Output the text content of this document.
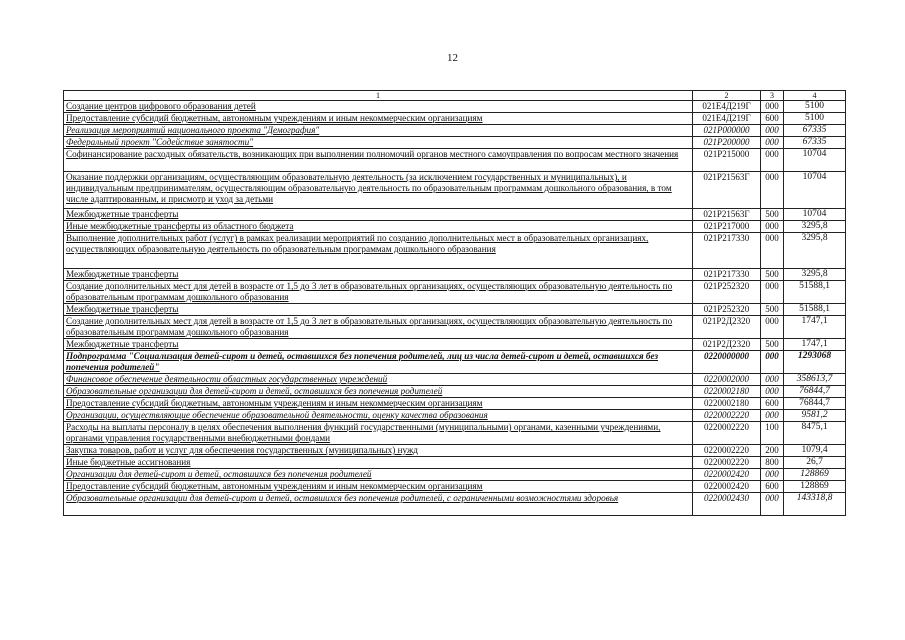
12
1	2	3	4
Создание центров цифрового образования детей	021Е4Д219Г	000	5100
Предоставление субсидий бюджетным, автономным учреждениям и иным некоммерческим организациям	021Е4Д219Г	600	5100
Реализация мероприятий национального проекта "Демография"	021Р000000	000	67335
Федеральный проект "Содействие занятости"	021Р200000	000	67335
Софинансирование расходных обязательств, возникающих при выполнении полномочий органов местного самоуправления по вопросам местного значения	021Р215000	000	10704
Оказание поддержки организациям, осуществляющим образовательную деятельность (за исключением государственных и муниципальных), и индивидуальным предпринимателям, осуществляющим образовательную деятельность по образовательным программам дошкольного образования, в том числе адаптированным, и присмотр и уход за детьми	021Р21563Г	000	10704
Межбюджетные трансферты	021Р21563Г	500	10704
Иные межбюджетные трансферты из областного бюджета	021Р217000	000	3295,8
Выполнение дополнительных работ (услуг) в рамках реализации мероприятий по созданию дополнительных мест в образовательных организациях, осуществляющих образовательную деятельность по образовательным программам дошкольного образования	021Р217330	000	3295,8
Межбюджетные трансферты	021Р217330	500	3295,8
Создание дополнительных мест для детей в возрасте от 1,5 до 3 лет в образовательных организациях, осуществляющих образовательную деятельность по образовательным программам дошкольного образования	021Р252320	000	51588,1
Межбюджетные трансферты	021Р252320	500	51588,1
Создание дополнительных мест для детей в возрасте от 1,5 до 3 лет в образовательных организациях, осуществляющих образовательную деятельность по образовательным программам дошкольного образования	021Р2Д2320	000	1747,1
Межбюджетные трансферты	021Р2Д2320	500	1747,1
Подпрограмма "Социализация детей-сирот и детей, оставшихся без попечения родителей, лиц из числа детей-сирот и детей, оставшихся без попечения родителей"	0220000000	000	1293068
Финансовое обеспечение деятельности областных государственных учреждений	0220002000	000	358613,7
Образовательные организации для детей-сирот и детей, оставшихся без попечения родителей	0220002180	000	76844,7
Предоставление субсидий бюджетным, автономным учреждениям и иным некоммерческим организациям	0220002180	600	76844,7
Организации, осуществляющие обеспечение образовательной деятельности, оценку качества образования	0220002220	000	9581,2
Расходы на выплаты персоналу в целях обеспечения выполнения функций государственными (муниципальными) органами, казенными учреждениями, органами управления государственными внебюджетными фондами	0220002220	100	8475,1
Закупка товаров, работ и услуг для обеспечения государственных (муниципальных) нужд	0220002220	200	1079,4
Иные бюджетные ассигнования	0220002220	800	26,7
Организации для детей-сирот и детей, оставшихся без попечения родителей	0220002420	000	128869
Предоставление субсидий бюджетным, автономным учреждениям и иным некоммерческим организациям	0220002420	600	128869
Образовательные организации для детей-сирот и детей, оставшихся без попечения родителей, с ограниченными возможностями здоровья	0220002430	000	143318,8
